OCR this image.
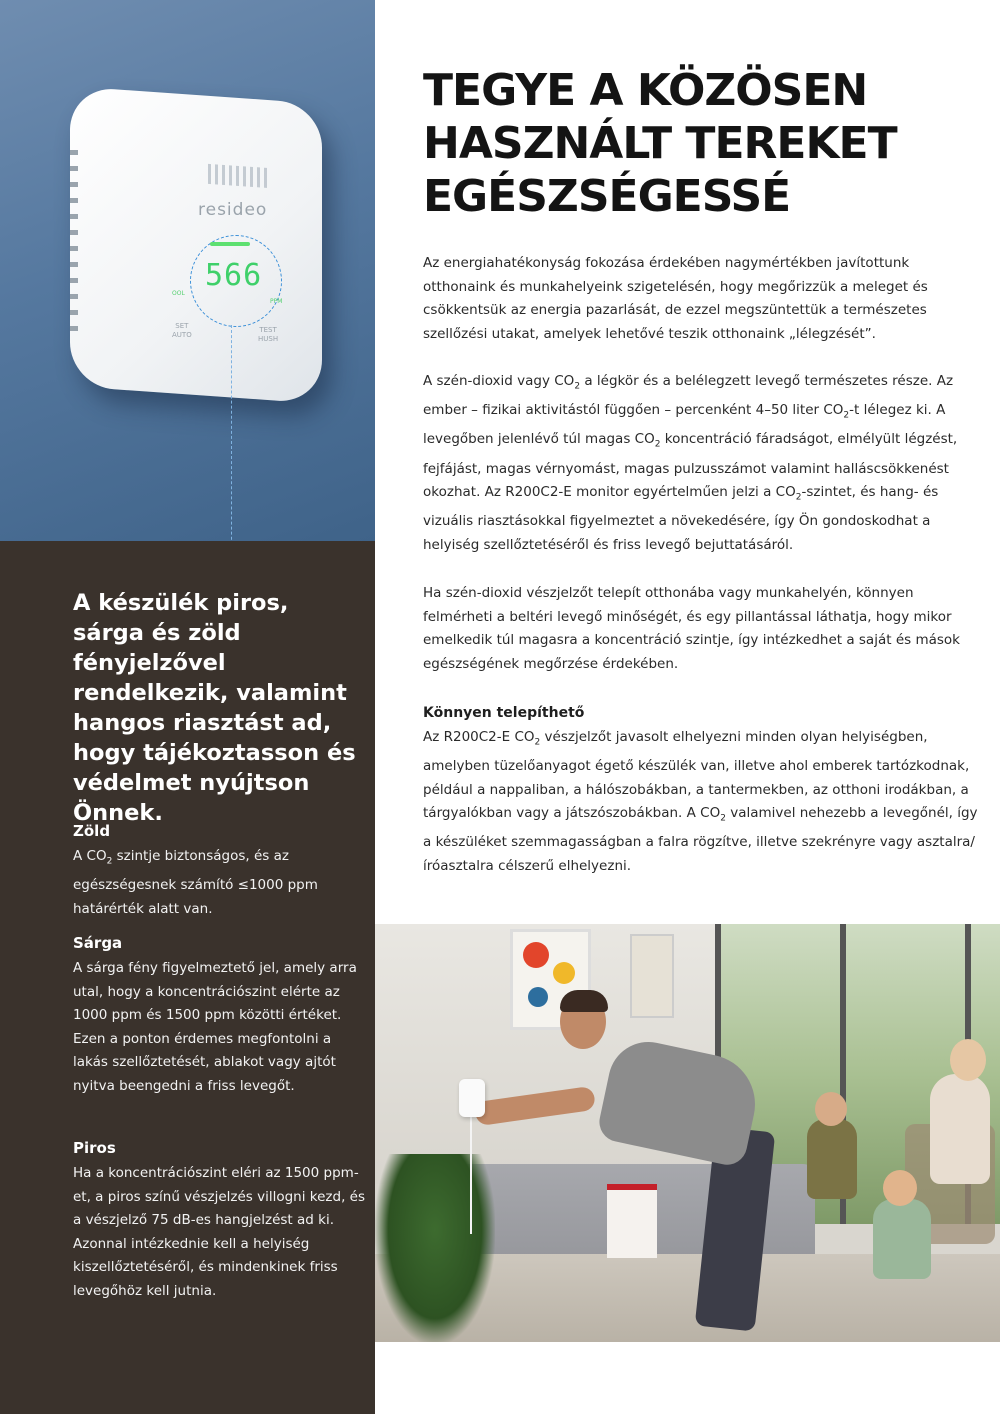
resideo
566
OOL
PPM
SET
AUTO
TEST
HUSH

A készülék piros, sárga és zöld fényjelzővel rendelkezik, valamint hangos riasztást ad, hogy tájékoztasson és védelmet nyújtson Önnek.

Zöld

A $CO_2$ szintje biztonságos, és az egészségesnek számító ≤1000 ppm határérték alatt van.

Sárga

A sárga fény figyelmeztető jel, amely arra utal, hogy a koncentrációszint elérte az 1000 ppm és 1500 ppm közötti értéket. Ezen a ponton érdemes megfontolni a lakás szellőztetését, ablakot vagy ajtót nyitva beengedni a friss levegőt.

Piros

Ha a koncentrációszint eléri az 1500 ppm-et, a piros színű vészjelzés villogni kezd, és a vészjelző 75 dB-es hangjelzést ad ki. Azonnal intézkednie kell a helyiség kiszellőztetéséről, és mindenkinek friss levegőhöz kell jutnia.

TEGYE A KÖZÖSEN HASZNÁLT TEREKET EGÉSZSÉGESSÉ

Az energiahatékonyság fokozása érdekében nagymértékben javítottunk otthonaink és munkahelyeink szigetelésén, hogy megőrizzük a meleget és csökkentsük az energia pazarlását, de ezzel megszüntettük a természetes szellőzési utakat, amelyek lehetővé teszik otthonaink „lélegzését”.

A szén-dioxid vagy $CO_2$ a légkör és a belélegzett levegő természetes része. Az ember – fizikai aktivitástól függően – percenként 4–50 liter $CO_2-t$ lélegez ki. A levegőben jelenlévő túl magas $CO_2$ koncentráció fáradságot, elmélyült légzést, fejfájást, magas vérnyomást, magas pulzusszámot valamint halláscsökkenést okozhat. Az R200C2-E monitor egyértelműen jelzi a $CO_2$-szintet, és hang- és vizuális riasztásokkal figyelmeztet a növekedésére, így Ön gondoskodhat a helyiség szellőztetéséről és friss levegő bejuttatásáról.

Ha szén-dioxid vészjelzőt telepít otthonába vagy munkahelyén, könnyen felmérheti a beltéri levegő minőségét, és egy pillantással láthatja, hogy mikor emelkedik túl magasra a koncentráció szintje, így intézkedhet a saját és mások egészségének megőrzése érdekében.

Könnyen telepíthető

Az R200C2-E $CO_2$ vészjelzőt javasolt elhelyezni minden olyan helyiségben, amelyben tüzelőanyagot égető készülék van, illetve ahol emberek tartózkodnak, például a nappaliban, a hálószobákban, a tantermekben, az otthoni irodákban, a tárgyalókban vagy a játszószobákban. A $CO_2$ valamivel nehezebb a levegőnél, így a készüléket szemmagasságban a falra rögzítve, illetve szekrényre vagy asztalra/íróasztalra célszerű elhelyezni.
